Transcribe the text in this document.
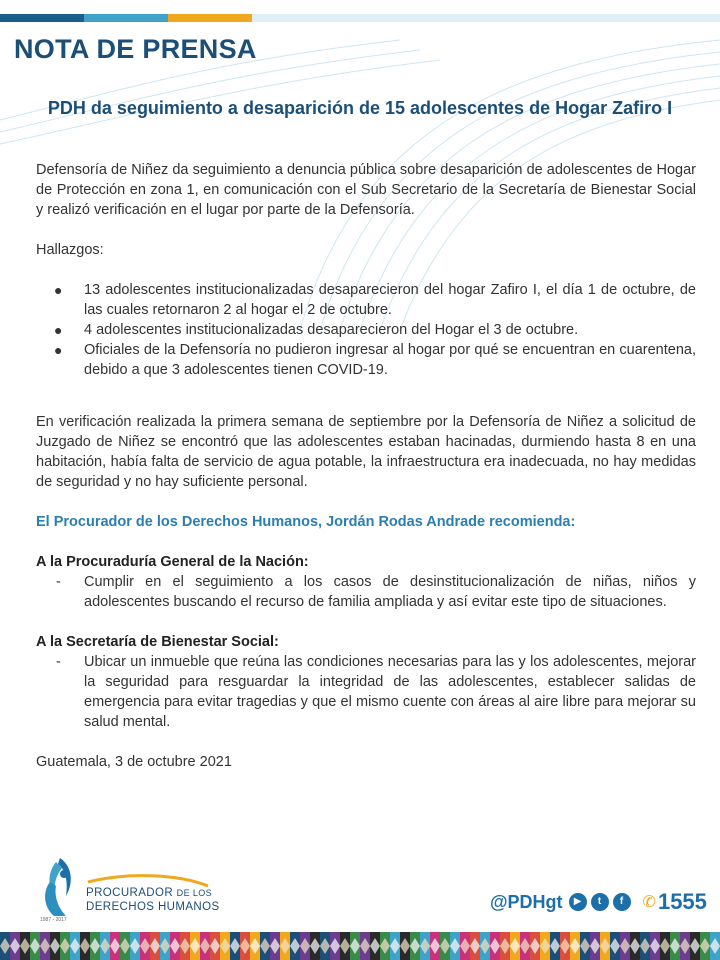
NOTA DE PRENSA
PDH da seguimiento a desaparición de 15 adolescentes de Hogar Zafiro I

Defensoría de Niñez da seguimiento a denuncia pública sobre desaparición de adolescentes de Hogar de Protección en zona 1, en comunicación con el Sub Secretario de la Secretaría de Bienestar Social y realizó verificación en el lugar por parte de la Defensoría.

Hallazgos:

● 13 adolescentes institucionalizadas desaparecieron del hogar Zafiro I, el día 1 de octubre, de las cuales retornaron 2 al hogar el 2 de octubre.
● 4 adolescentes institucionalizadas desaparecieron del Hogar el 3 de octubre.
● Oficiales de la Defensoría no pudieron ingresar al hogar por qué se encuentran en cuarentena, debido a que 3 adolescentes tienen COVID-19.

En verificación realizada la primera semana de septiembre por la Defensoría de Niñez a solicitud de Juzgado de Niñez se encontró que las adolescentes estaban hacinadas, durmiendo hasta 8 en una habitación, había falta de servicio de agua potable, la infraestructura era inadecuada, no hay medidas de seguridad y no hay suficiente personal.

El Procurador de los Derechos Humanos, Jordán Rodas Andrade recomienda:

A la Procuraduría General de la Nación:

- Cumplir en el seguimiento a los casos de desinstitucionalización de niñas, niños y adolescentes buscando el recurso de familia ampliada y así evitar este tipo de situaciones.

A la Secretaría de Bienestar Social:

- Ubicar un inmueble que reúna las condiciones necesarias para las y los adolescentes, mejorar la seguridad para resguardar la integridad de las adolescentes, establecer salidas de emergencia para evitar tragedias y que el mismo cuente con áreas al aire libre para mejorar su salud mental.

Guatemala, 3 de octubre 2021

PROCURADOR DE LOS
DERECHOS HUMANOS
1987 - 2017
@PDHgt	▶	t	f	✆ 1555
